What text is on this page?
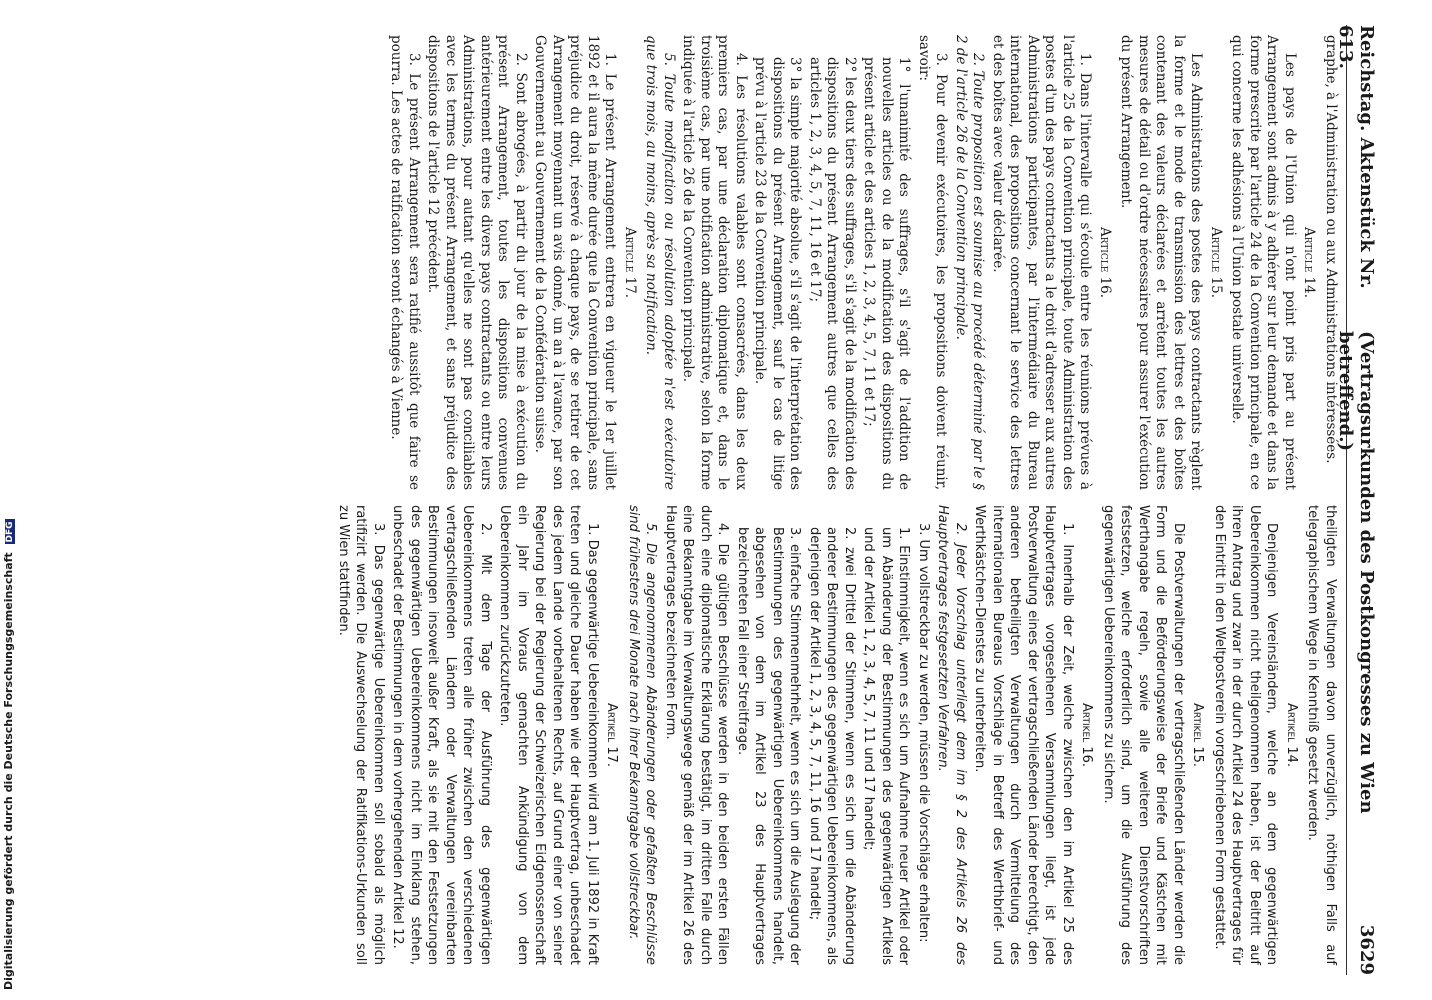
Digitalisierung gefördert durch die Deutsche Forschungsgemeinschaft DFG
Reichstag. Aktenstück Nr. 613.
(Vertragsurkunden des Postkongresses zu Wien betreffend.)
3629

graphe, à l'Administration ou aux Administrations intéressées.

Article 14.

Les pays de l'Union qui n'ont point pris part au présent Arrangement sont admis à y adhérer sur leur demande et dans la forme prescrite par l'article 24 de la Convention principale, en ce qui concerne les adhésions à l'Union postale universelle.

Article 15.

Les Administrations des postes des pays contractants règlent la forme et le mode de transmission des lettres et des boîtes contenant des valeurs déclarées et arrêtent toutes les autres mesures de détail ou d'ordre nécessaires pour assurer l'exécution du présent Arrangement.

Article 16.

1. Dans l'intervalle qui s'écoule entre les réunions prévues à l'article 25 de la Convention principale, toute Administration des postes d'un des pays contractants a le droit d'adresser aux autres Administrations participantes, par l'intermédiaire du Bureau international, des propositions concernant le service des lettres et des boîtes avec valeur déclarée.

2. Toute proposition est soumise au procédé déterminé par le § 2 de l'article 26 de la Convention principale.

3. Pour devenir exécutoires, les propositions doivent réunir, savoir:

1° l'unanimité des suffrages, s'il s'agit de l'addition de nouvelles articles ou de la modification des dispositions du présent article et des articles 1, 2, 3, 4, 5, 7, 11 et 17;

2° les deux tiers des suffrages, s'il s'agit de la modification des dispositions du présent Arrangement autres que celles des articles 1, 2, 3, 4, 5, 7, 11, 16 et 17;

3° la simple majorité absolue, s'il s'agit de l'interprétation des dispositions du présent Arrangement, sauf le cas de litige prévu à l'article 23 de la Convention principale.

4. Les résolutions valables sont consacrées, dans les deux premiers cas, par une déclaration diplomatique et, dans le troisième cas, par une notification administrative, selon la forme indiquée à l'article 26 de la Convention principale.

5. Toute modification ou résolution adoptée n'est exécutoire que trois mois, au moins, après sa notification.

Article 17.

1. Le présent Arrangement entrera en vigueur le 1er juillet 1892 et il aura la même durée que la Convention principale, sans préjudice du droit, réservé à chaque pays, de se retirer de cet Arrangement moyennant un avis donné, un an à l'avance, par son Gouvernement au Gouvernement de la Confédération suisse.

2. Sont abrogées, à partir du jour de la mise à exécution du présent Arrangement, toutes les dispositions convenues antérieurement entre les divers pays contractants ou entre leurs Administrations, pour autant qu'elles ne sont pas conciliables avec les termes du présent Arrangement, et sans préjudice des dispositions de l'article 12 précédent.

3. Le présent Arrangement sera ratifié aussitôt que faire se pourra. Les actes de ratification seront échangés à Vienne.

theiligten Verwaltungen davon unverzüglich, nöthigen Falls auf telegraphischem Wege in Kenntniß gesetzt werden.

Artikel 14.

Denjenigen Vereinsländern, welche an dem gegenwärtigen Uebereinkommen nicht theilgenommen haben, ist der Beitritt auf ihren Antrag und zwar in der durch Artikel 24 des Hauptvertrages für den Eintritt in den Weltpostverein vorgeschriebenen Form gestattet.

Artikel 15.

Die Postverwaltungen der vertragschließenden Länder werden die Form und die Beförderungsweise der Briefe und Kästchen mit Werthangabe regeln, sowie alle weiteren Dienstvorschriften festsetzen, welche erforderlich sind, um die Ausführung des gegenwärtigen Uebereinkommens zu sichern.

Artikel 16.

1. Innerhalb der Zeit, welche zwischen den im Artikel 25 des Hauptvertrages vorgesehenen Versammlungen liegt, ist jede Postverwaltung eines der vertragschließenden Länder berechtigt, den anderen betheiligten Verwaltungen durch Vermittelung des internationalen Bureaus Vorschläge in Betreff des Werthbrief- und Werthkästchen-Dienstes zu unterbreiten.

2. Jeder Vorschlag unterliegt dem im § 2 des Artikels 26 des Hauptvertrages festgesetzten Verfahren.

3. Um vollstreckbar zu werden, müssen die Vorschläge erhalten:

1. Einstimmigkeit, wenn es sich um Aufnahme neuer Artikel oder um Abänderung der Bestimmungen des gegenwärtigen Artikels und der Artikel 1, 2, 3, 4, 5, 7, 11 und 17 handelt;

2. zwei Drittel der Stimmen, wenn es sich um die Abänderung anderer Bestimmungen des gegenwärtigen Uebereinkommens, als derjenigen der Artikel 1, 2, 3, 4, 5, 7, 11, 16 und 17 handelt;

3. einfache Stimmenmehrheit, wenn es sich um die Auslegung der Bestimmungen des gegenwärtigen Uebereinkommens handelt, abgesehen von dem im Artikel 23 des Hauptvertrages bezeichneten Fall einer Streitfrage.

4. Die gültigen Beschlüsse werden in den beiden ersten Fällen durch eine diplomatische Erklärung bestätigt, im dritten Falle durch eine Bekanntgabe im Verwaltungswege gemäß der im Artikel 26 des Hauptvertrages bezeichneten Form.

5. Die angenommenen Abänderungen oder gefaßten Beschlüsse sind frühestens drei Monate nach ihrer Bekanntgabe vollstreckbar.

Artikel 17.

1. Das gegenwärtige Uebereinkommen wird am 1. Juli 1892 in Kraft treten und gleiche Dauer haben wie der Hauptvertrag, unbeschadet des jedem Lande vorbehaltenen Rechts, auf Grund einer von seiner Regierung bei der Regierung der Schweizerischen Eidgenossenschaft ein Jahr im Voraus gemachten Ankündigung von dem Uebereinkommen zurückzutreten.

2. Mit dem Tage der Ausführung des gegenwärtigen Uebereinkommens treten alle früher zwischen den verschiedenen vertragschließenden Ländern oder Verwaltungen vereinbarten Bestimmungen insoweit außer Kraft, als sie mit den Festsetzungen des gegenwärtigen Uebereinkommens nicht im Einklang stehen, unbeschadet der Bestimmungen in dem vorhergehenden Artikel 12.

3. Das gegenwärtige Uebereinkommen soll sobald als möglich ratifizirt werden. Die Auswechselung der Ratifikations-Urkunden soll zu Wien stattfinden.
